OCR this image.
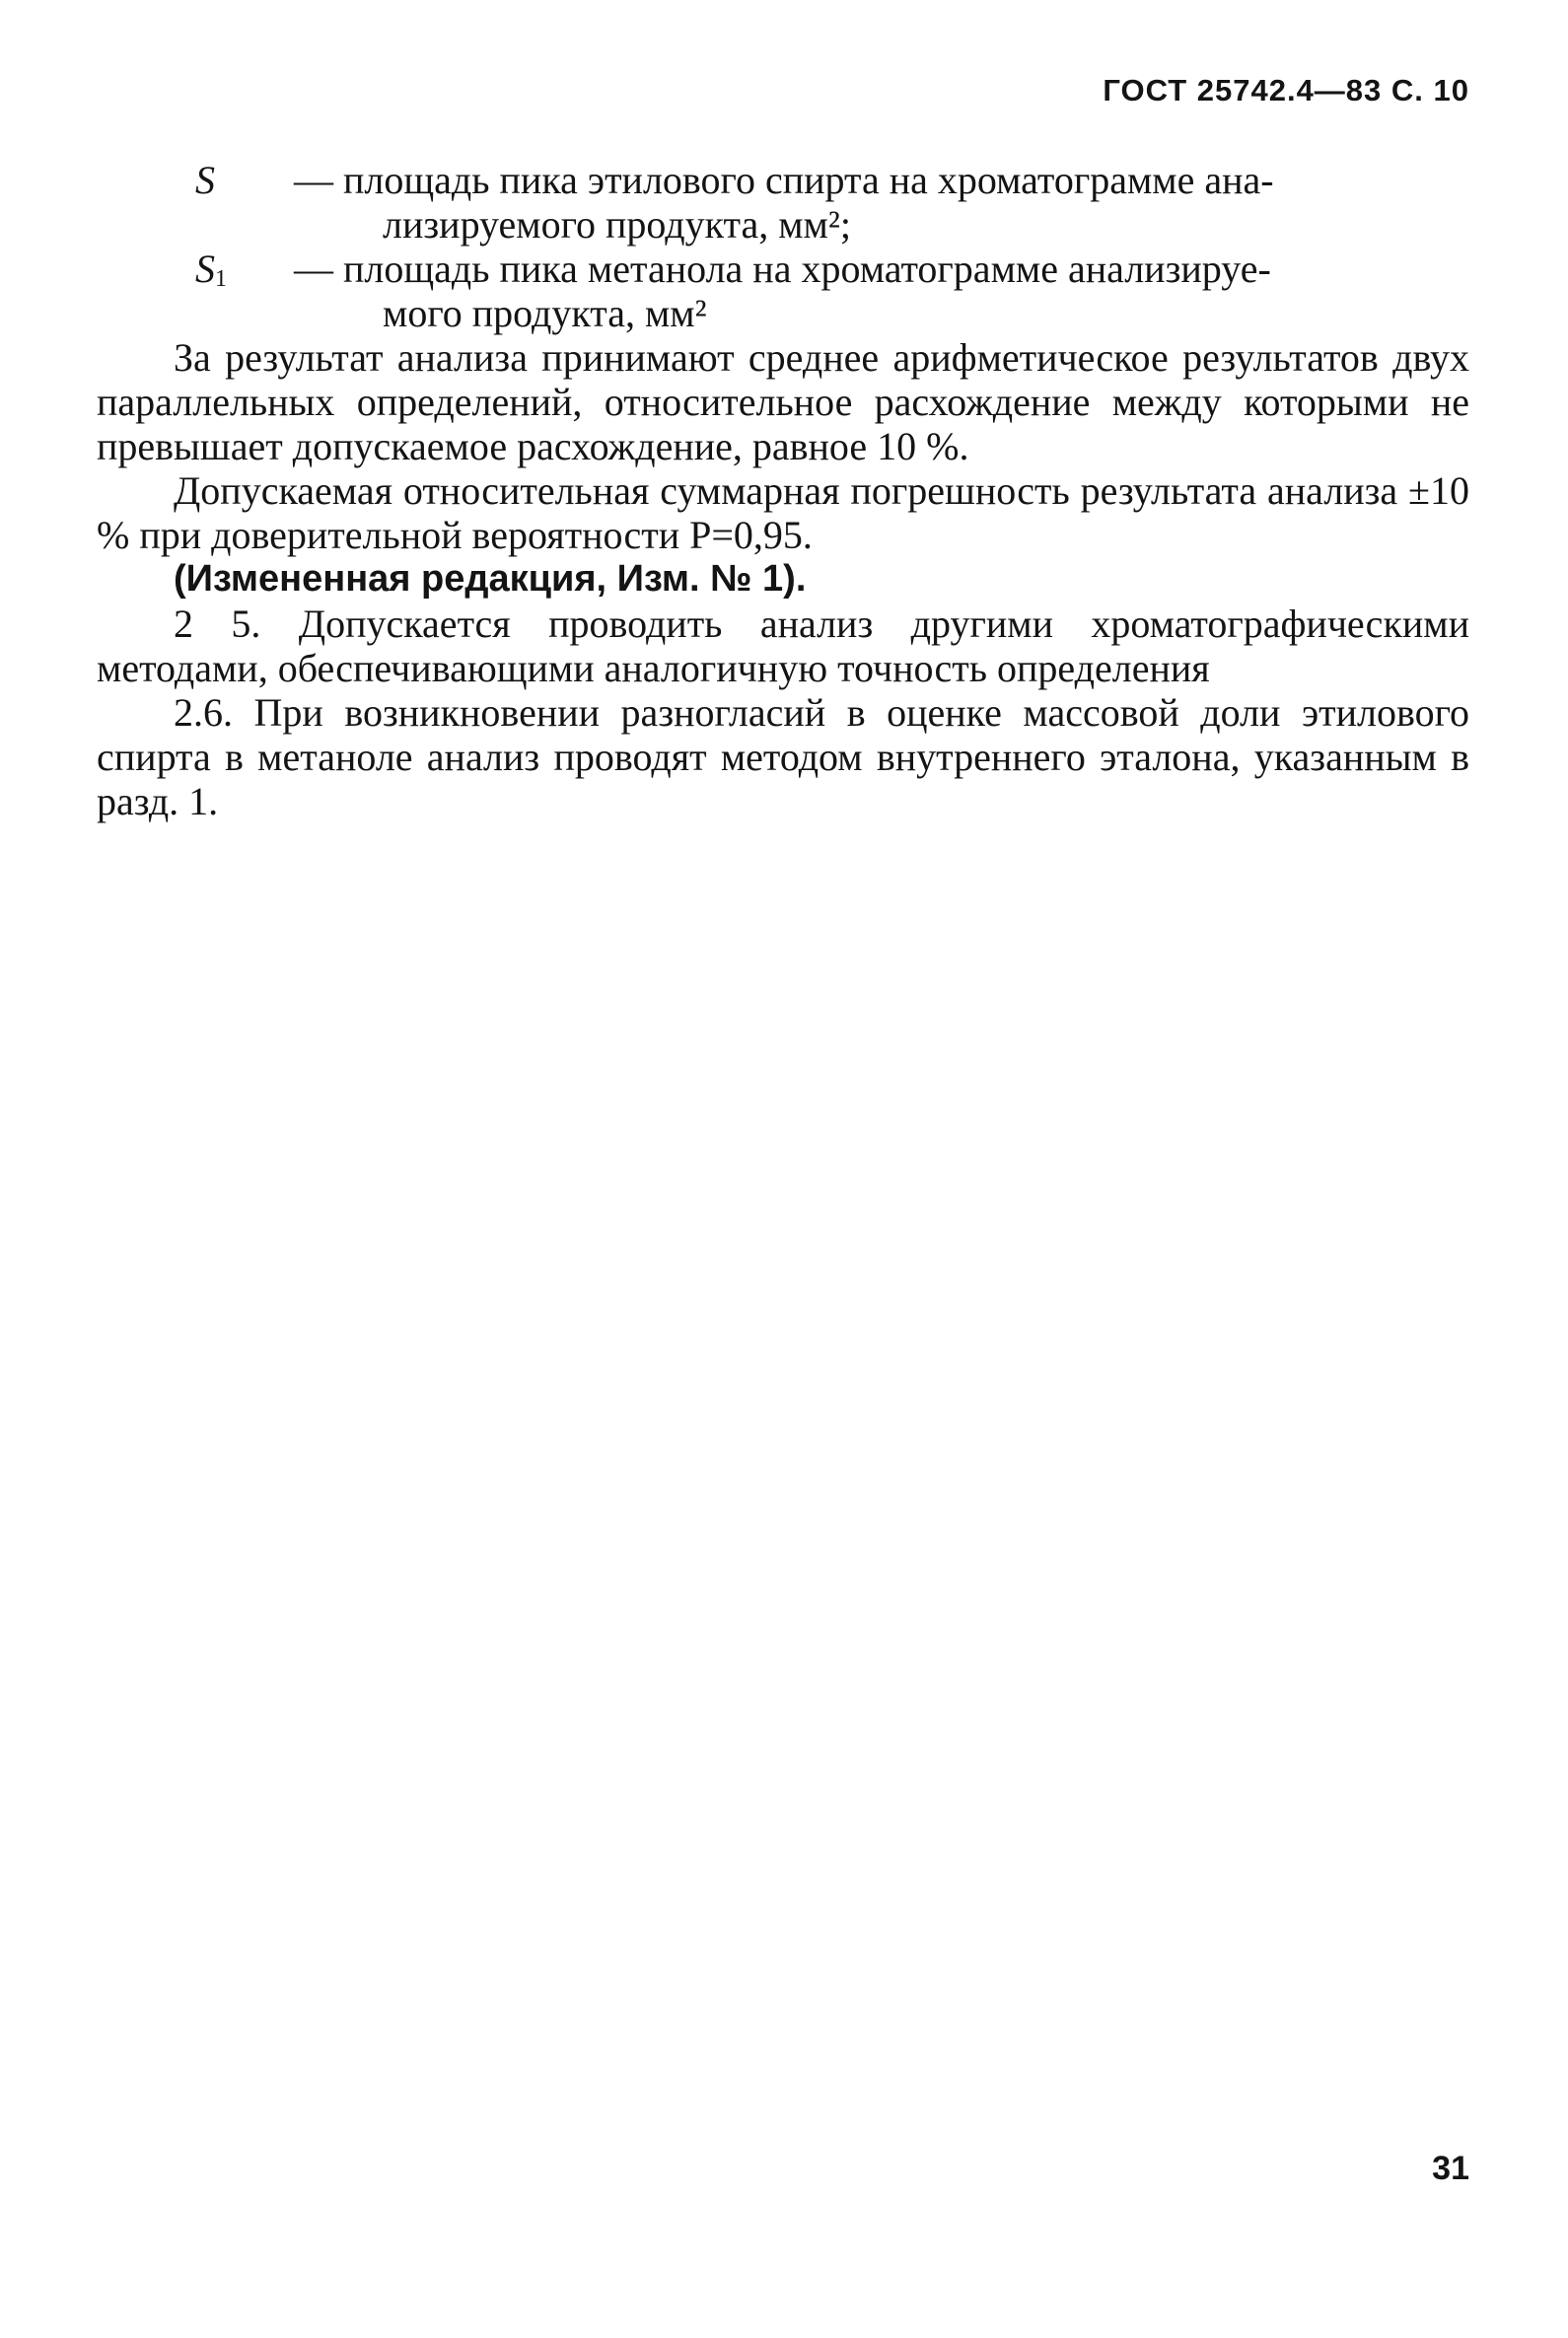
ГОСТ 25742.4—83 С. 10
S	— площадь пика этилового спирта на хроматограмме ана-
лизируемого продукта, мм²;
$S_1$	— площадь пика метанола на хроматограмме анализируе-
мого продукта, мм²

За результат анализа принимают среднее арифметическое результатов двух параллельных определений, относительное расхождение между которыми не превышает допускаемое расхождение, равное 10 %.

Допускаемая относительная суммарная погрешность результата анализа ±10 % при доверительной вероятности P=0,95.

(Измененная редакция, Изм. № 1).

2 5. Допускается проводить анализ другими хроматографическими методами, обеспечивающими аналогичную точность определения

2.6. При возникновении разногласий в оценке массовой доли этилового спирта в метаноле анализ проводят методом внутреннего эталона, указанным в разд. 1.

31
